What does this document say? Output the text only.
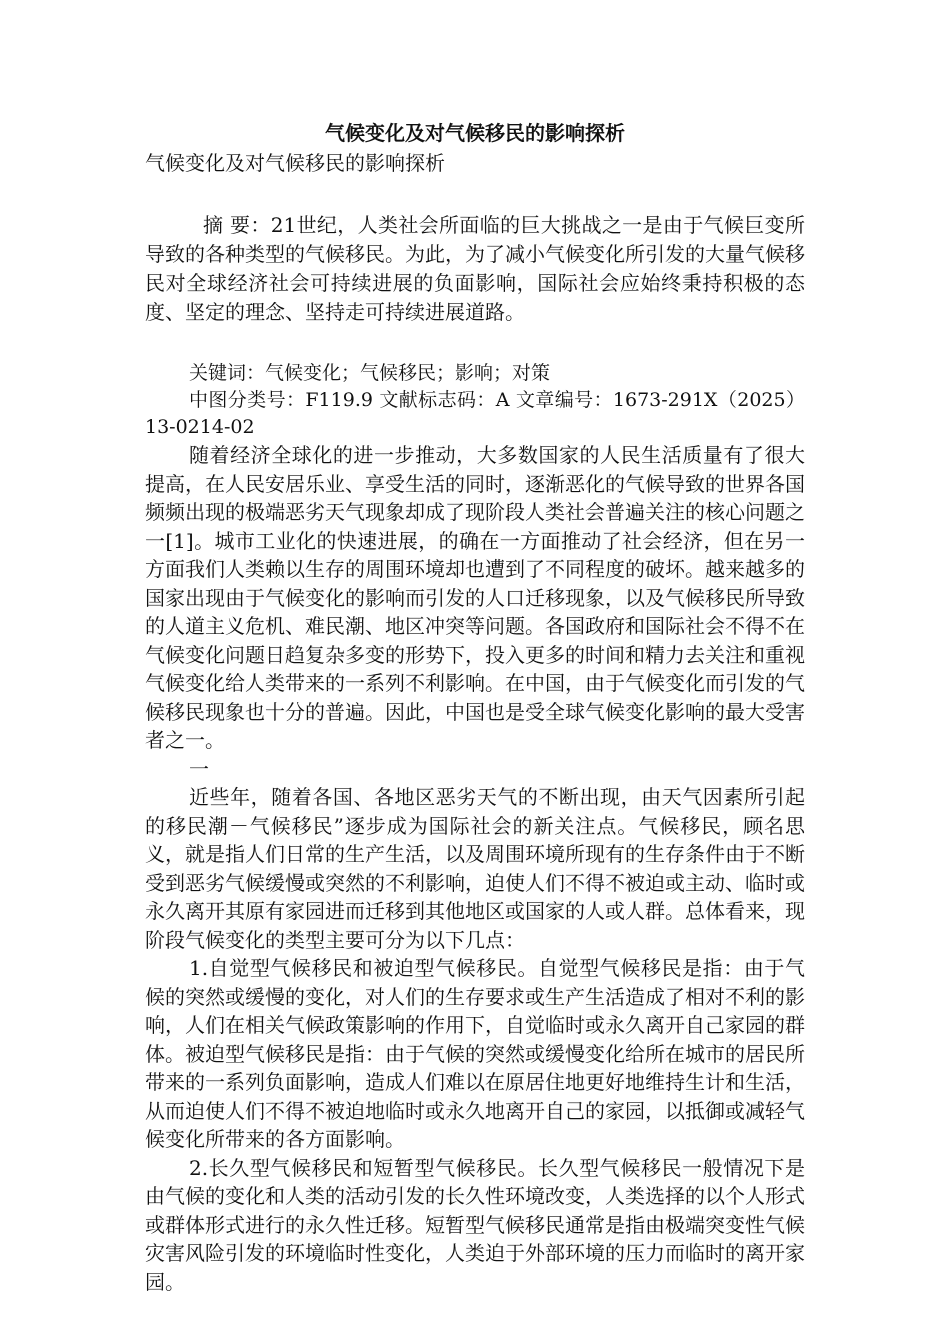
气候变化及对气候移民的影响探析

气候变化及对气候移民的影响探析

摘 要：21世纪，人类社会所面临的巨大挑战之一是由于气候巨变所导致的各种类型的气候移民。为此，为了减小气候变化所引发的大量气候移民对全球经济社会可持续进展的负面影响，国际社会应始终秉持积极的态度、坚定的理念、坚持走可持续进展道路。

关键词：气候变化；气候移民；影响；对策

中图分类号：F119.9 文献标志码：A 文章编号：1673-291X（2025）13-0214-02

随着经济全球化的进一步推动，大多数国家的人民生活质量有了很大提高，在人民安居乐业、享受生活的同时，逐渐恶化的气候导致的世界各国频频出现的极端恶劣天气现象却成了现阶段人类社会普遍关注的核心问题之一[1]。城市工业化的快速进展，的确在一方面推动了社会经济，但在另一方面我们人类赖以生存的周围环境却也遭到了不同程度的破坏。越来越多的国家出现由于气候变化的影响而引发的人口迁移现象，以及气候移民所导致的人道主义危机、难民潮、地区冲突等问题。各国政府和国际社会不得不在气候变化问题日趋复杂多变的形势下，投入更多的时间和精力去关注和重视气候变化给人类带来的一系列不利影响。在中国，由于气候变化而引发的气候移民现象也十分的普遍。因此，中国也是受全球气候变化影响的最大受害者之一。

一

近些年，随着各国、各地区恶劣天气的不断出现，由天气因素所引起的移民潮－气候移民”逐步成为国际社会的新关注点。气候移民，顾名思义，就是指人们日常的生产生活，以及周围环境所现有的生存条件由于不断受到恶劣气候缓慢或突然的不利影响，迫使人们不得不被迫或主动、临时或永久离开其原有家园进而迁移到其他地区或国家的人或人群。总体看来，现阶段气候变化的类型主要可分为以下几点：

1.自觉型气候移民和被迫型气候移民。自觉型气候移民是指：由于气候的突然或缓慢的变化，对人们的生存要求或生产生活造成了相对不利的影响，人们在相关气候政策影响的作用下，自觉临时或永久离开自己家园的群体。被迫型气候移民是指：由于气候的突然或缓慢变化给所在城市的居民所带来的一系列负面影响，造成人们难以在原居住地更好地维持生计和生活，从而迫使人们不得不被迫地临时或永久地离开自己的家园，以抵御或减轻气候变化所带来的各方面影响。

2.长久型气候移民和短暂型气候移民。长久型气候移民一般情况下是由气候的变化和人类的活动引发的长久性环境改变，人类选择的以个人形式或群体形式进行的永久性迁移。短暂型气候移民通常是指由极端突变性气候灾害风险引发的环境临时性变化，人类迫于外部环境的压力而临时的离开家园。
